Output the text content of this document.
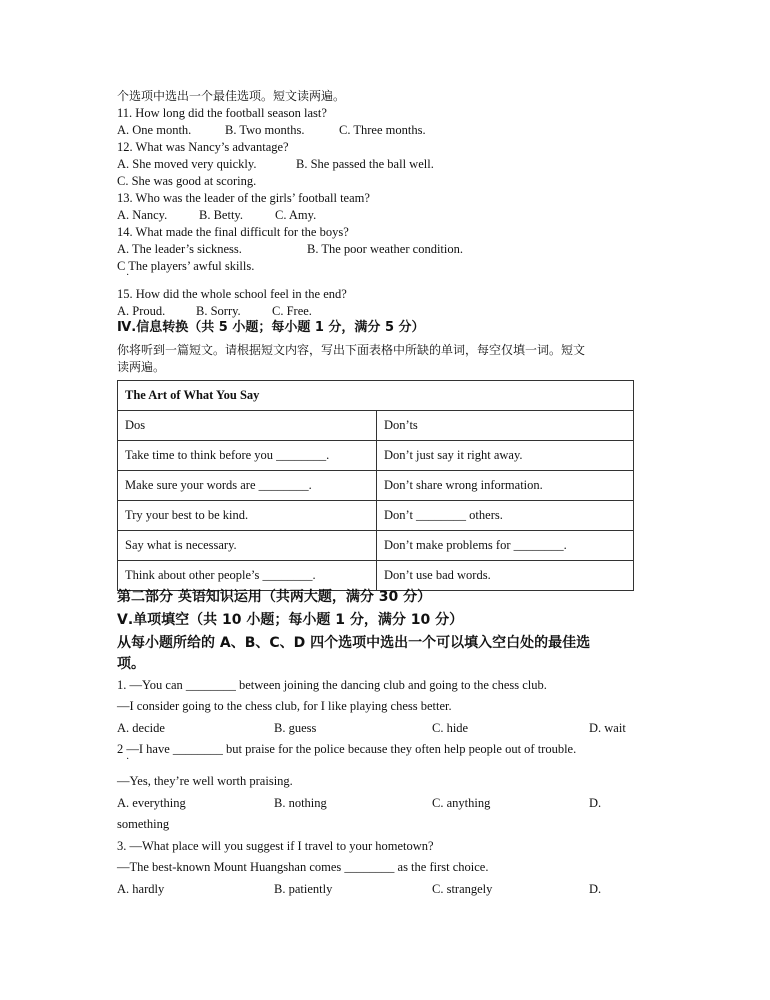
个选项中选出一个最佳选项。短文读两遍。
11. How long did the football season last?
A. One month.	B. Two months.	C. Three months.
12. What was Nancy’s advantage?
A. She moved very quickly.	B. She passed the ball well.
C. She was good at scoring.
13. Who was the leader of the girls’ football team?
A. Nancy.	B. Betty.	C. Amy.
14. What made the final difficult for the boys?
A. The leader’s sickness.	B. The poor weather condition.
C The players’ awful skills.
·
15. How did the whole school feel in the end?
A. Proud. B. Sorry.	C. Free.
Ⅳ.信息转换（共 5 小题；每小题 1 分，满分 5 分）
你将听到一篇短文。请根据短文内容，写出下面表格中所缺的单词，每空仅填一词。短文
读两遍。
The Art of What You Say	
Dos	Don’ts
Take time to think before you ________.	Don’t just say it right away.
Make sure your words are ________.	Don’t share wrong information.
Try your best to be kind.	Don’t ________ others.
Say what is necessary.	Don’t make problems for ________.
Think about other people’s ________.	Don’t use bad words.
第二部分 英语知识运用（共两大题，满分 30 分）
Ⅴ.单项填空（共 10 小题；每小题 1 分，满分 10 分）
从每小题所给的 A、B、C、D 四个选项中选出一个可以填入空白处的最佳选
项。
1. —You can ________ between joining the dancing club and going to the chess club.
—I consider going to the chess club, for I like playing chess better.
A. decide	B. guess	C. hide	D. wait
2 —I have ________ but praise for the police because they often help people out of trouble.
·
—Yes, they’re well worth praising.
A. everything	B. nothing	C. anything	D.
something
3. —What place will you suggest if I travel to your hometown?
—The best-known Mount Huangshan comes ________ as the first choice.
A. hardly	B. patiently	C. strangely	D.
